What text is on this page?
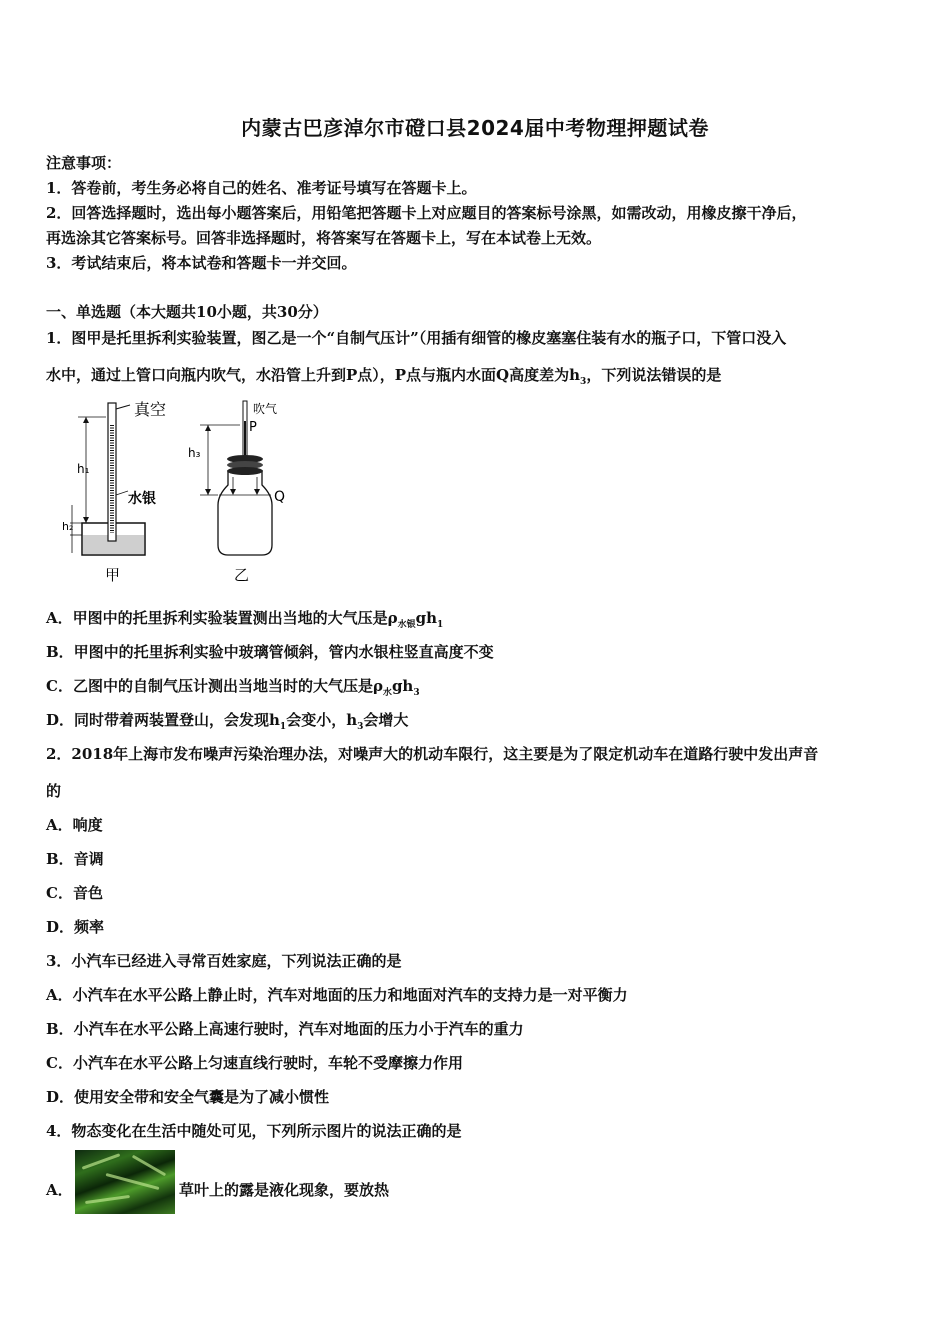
内蒙古巴彦淖尔市磴口县2024届中考物理押题试卷
注意事项：
1．答卷前，考生务必将自己的姓名、准考证号填写在答题卡上。
2．回答选择题时，选出每小题答案后，用铅笔把答题卡上对应题目的答案标号涂黑，如需改动，用橡皮擦干净后，
再选涂其它答案标号。回答非选择题时，将答案写在答题卡上，写在本试卷上无效。
3．考试结束后，将本试卷和答题卡一并交回。
一、单选题（本大题共10小题，共30分）
1．图甲是托里拆利实验装置，图乙是一个“自制气压计”（用插有细管的橡皮塞塞住装有水的瓶子口，下管口没入
水中，通过上管口向瓶内吹气，水沿管上升到P点），P点与瓶内水面Q高度差为$h_3$，下列说法错误的是
真空
h₁
h₂
水银
甲
吹气
P
h₃
Q
乙
A．甲图中的托里拆利实验装置测出当地的大气压是$\rho_{水银}gh_1$
B．甲图中的托里拆利实验中玻璃管倾斜，管内水银柱竖直高度不变
C．乙图中的自制气压计测出当地当时的大气压是$\rho_水gh_3$
D．同时带着两装置登山，会发现$h_1$会变小，$h_3$会增大
2．2018年上海市发布噪声污染治理办法，对噪声大的机动车限行，这主要是为了限定机动车在道路行驶中发出声音
的
A．响度
B．音调
C．音色
D．频率
3．小汽车已经进入寻常百姓家庭，下列说法正确的是
A．小汽车在水平公路上静止时，汽车对地面的压力和地面对汽车的支持力是一对平衡力
B．小汽车在水平公路上高速行驶时，汽车对地面的压力小于汽车的重力
C．小汽车在水平公路上匀速直线行驶时，车轮不受摩擦力作用
D．使用安全带和安全气囊是为了减小惯性
4．物态变化在生活中随处可见，下列所示图片的说法正确的是
A．	草叶上的露是液化现象，要放热
